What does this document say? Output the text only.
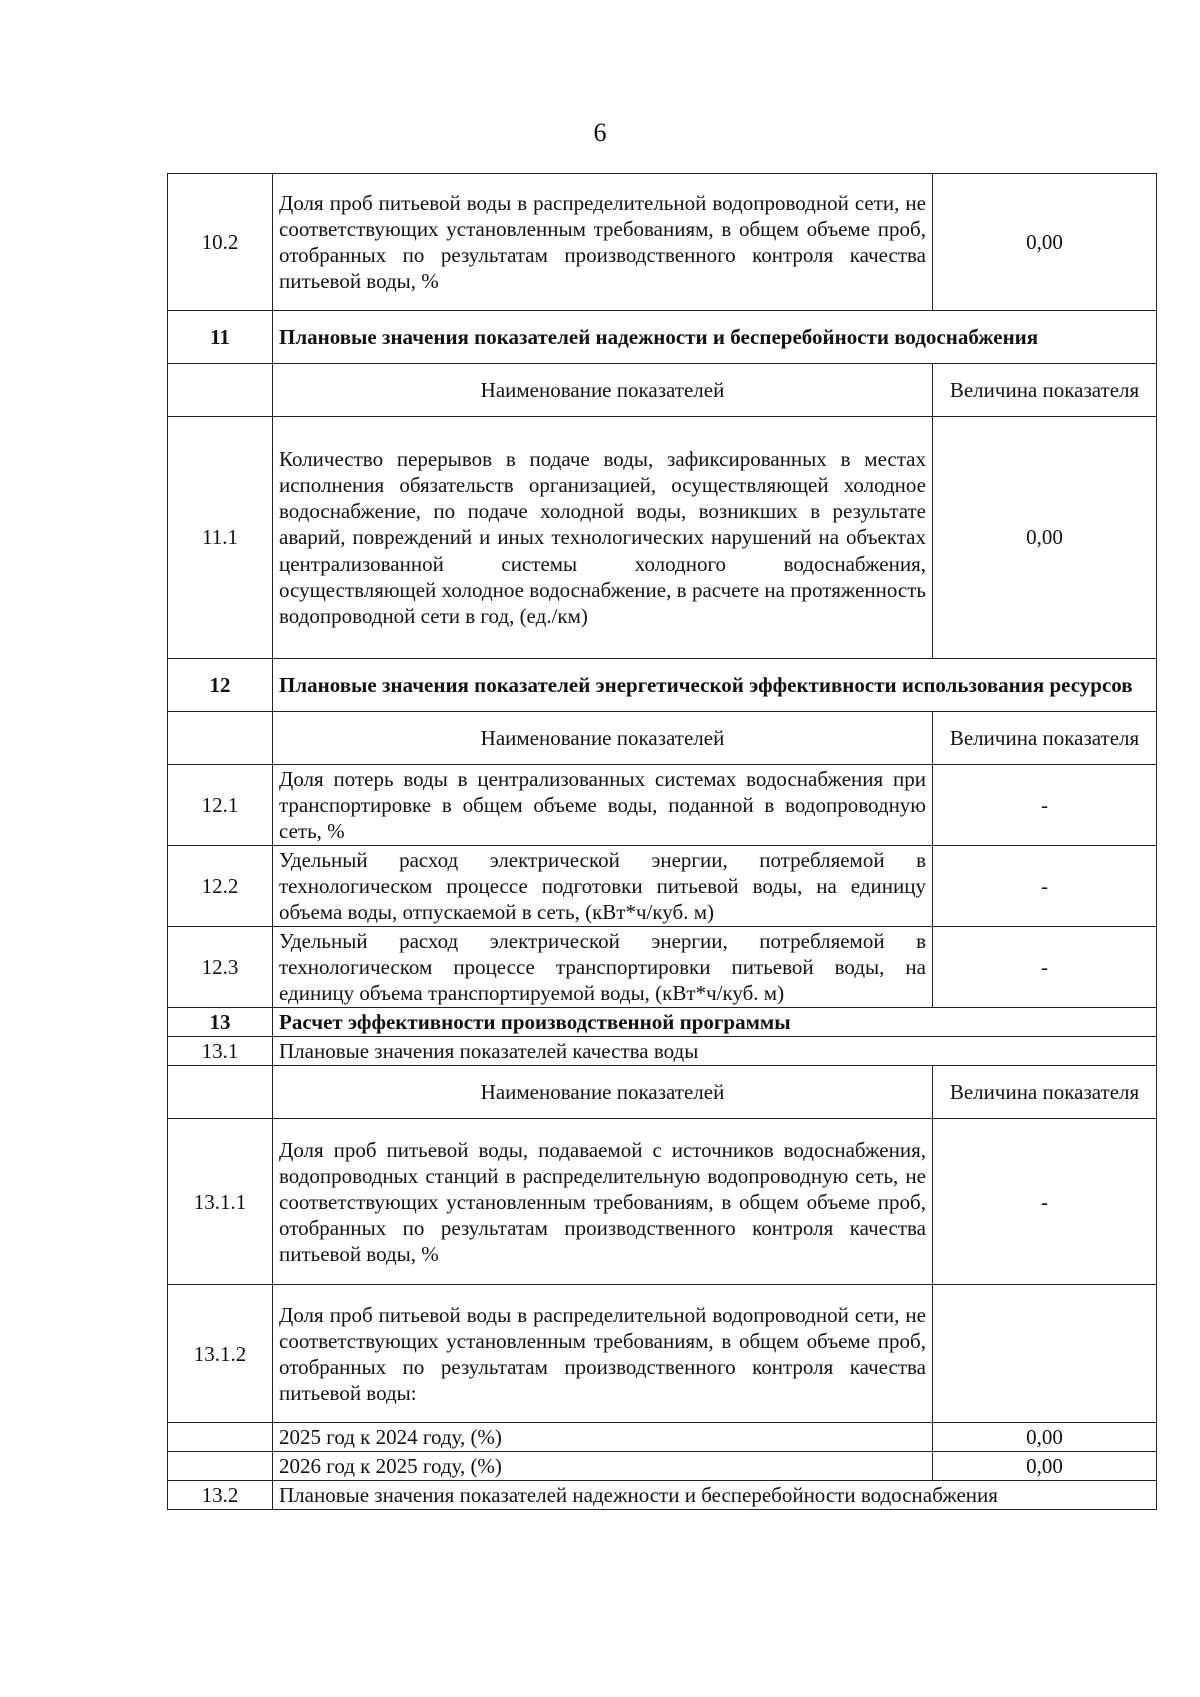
6
10.2	Доля проб питьевой воды в распределительной водопроводной сети, не соответствующих установленным требованиям, в общем объеме проб, отобранных по результатам производственного контроля качества питьевой воды, %	0,00
11	Плановые значения показателей надежности и бесперебойности водоснабжения	
	Наименование показателей	Величина показателя
11.1	Количество перерывов в подаче воды, зафиксированных в местах исполнения обязательств организацией, осуществляющей холодное водоснабжение, по подаче холодной воды, возникших в результате аварий, повреждений и иных технологических нарушений на объектах централизованной системы холодного водоснабжения, осуществляющей холодное водоснабжение, в расчете на протяженность водопроводной сети в год, (ед./км)	0,00
12	Плановые значения показателей энергетической эффективности использования ресурсов	
	Наименование показателей	Величина показателя
12.1	Доля потерь воды в централизованных системах водоснабжения при транспортировке в общем объеме воды, поданной в водопроводную сеть, %	-
12.2	Удельный расход электрической энергии, потребляемой в технологическом процессе подготовки питьевой воды, на единицу объема воды, отпускаемой в сеть, (кВт*ч/куб. м)	-
12.3	Удельный расход электрической энергии, потребляемой в технологическом процессе транспортировки питьевой воды, на единицу объема транспортируемой воды, (кВт*ч/куб. м)	-
13	Расчет эффективности производственной программы	
13.1	Плановые значения показателей качества воды	
	Наименование показателей	Величина показателя
13.1.1	Доля проб питьевой воды, подаваемой с источников водоснабжения, водопроводных станций в распределительную водопроводную сеть, не соответствующих установленным требованиям, в общем объеме проб, отобранных по результатам производственного контроля качества питьевой воды, %	-
13.1.2	Доля проб питьевой воды в распределительной водопроводной сети, не соответствующих установленным требованиям, в общем объеме проб, отобранных по результатам производственного контроля качества питьевой воды:	
	2025 год к 2024 году, (%)	0,00
	2026 год к 2025 году, (%)	0,00
13.2	Плановые значения показателей надежности и бесперебойности водоснабжения	
